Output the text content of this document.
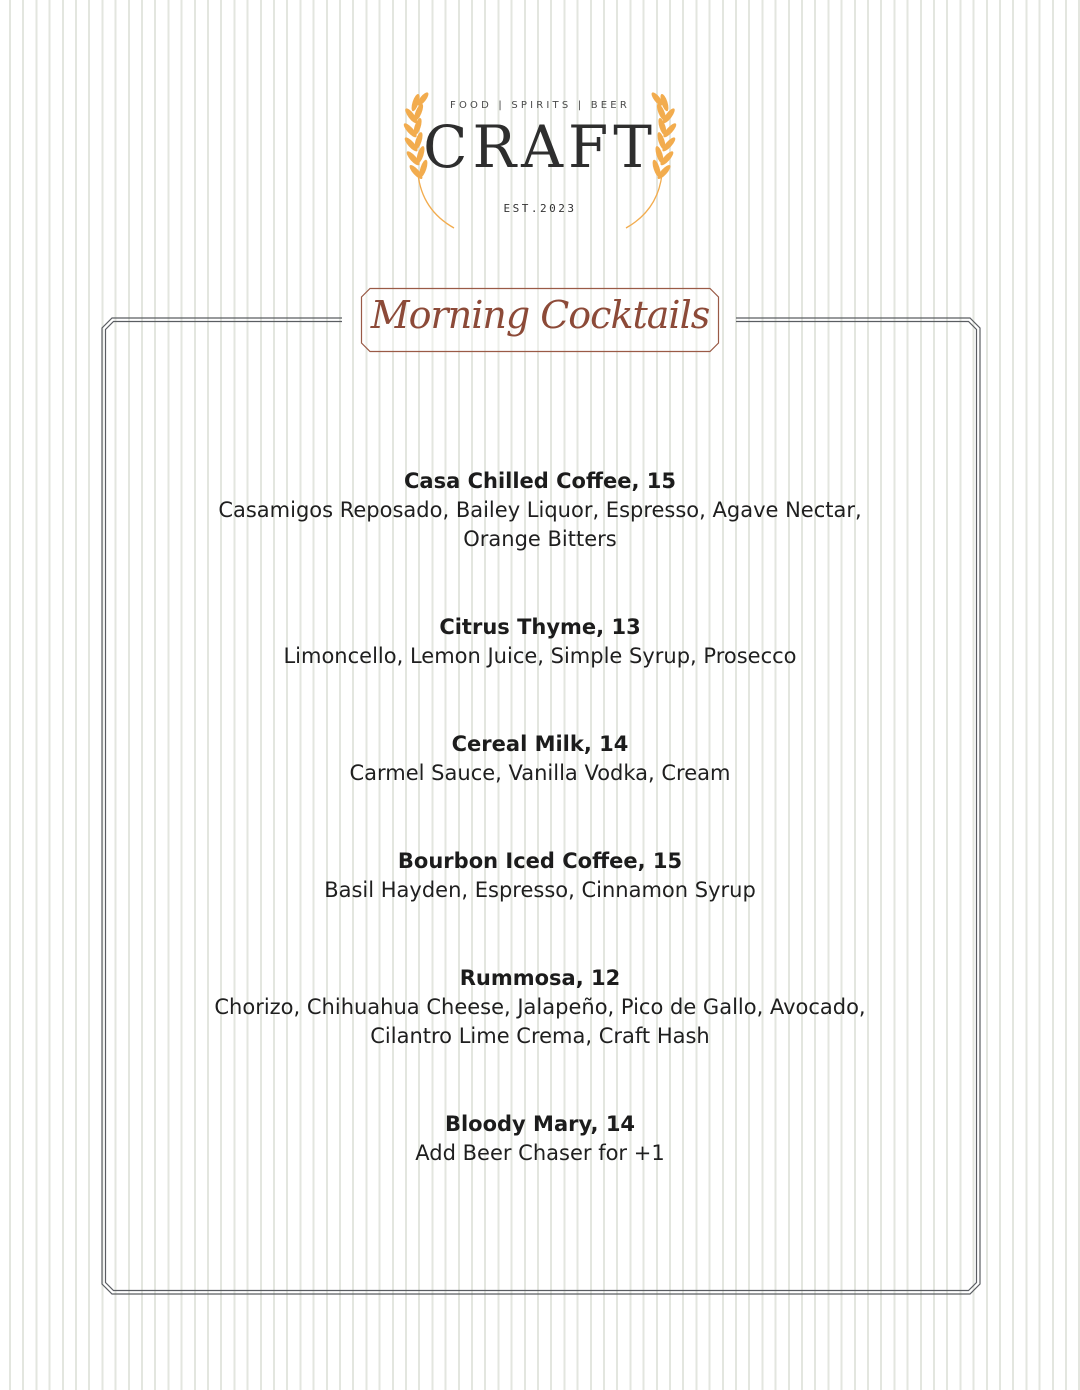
FOOD | SPIRITS | BEER
CRAFT
EST.2023
Morning Cocktails
Casa Chilled Coffee, 15
Casamigos Reposado, Bailey Liquor, Espresso, Agave Nectar, Orange Bitters
Citrus Thyme, 13
Limoncello, Lemon Juice, Simple Syrup, Prosecco
Cereal Milk, 14
Carmel Sauce, Vanilla Vodka, Cream
Bourbon Iced Coffee, 15
Basil Hayden, Espresso, Cinnamon Syrup
Rummosa, 12
Chorizo, Chihuahua Cheese, Jalapeño, Pico de Gallo, Avocado, Cilantro Lime Crema, Craft Hash
Bloody Mary, 14
Add Beer Chaser for +1
